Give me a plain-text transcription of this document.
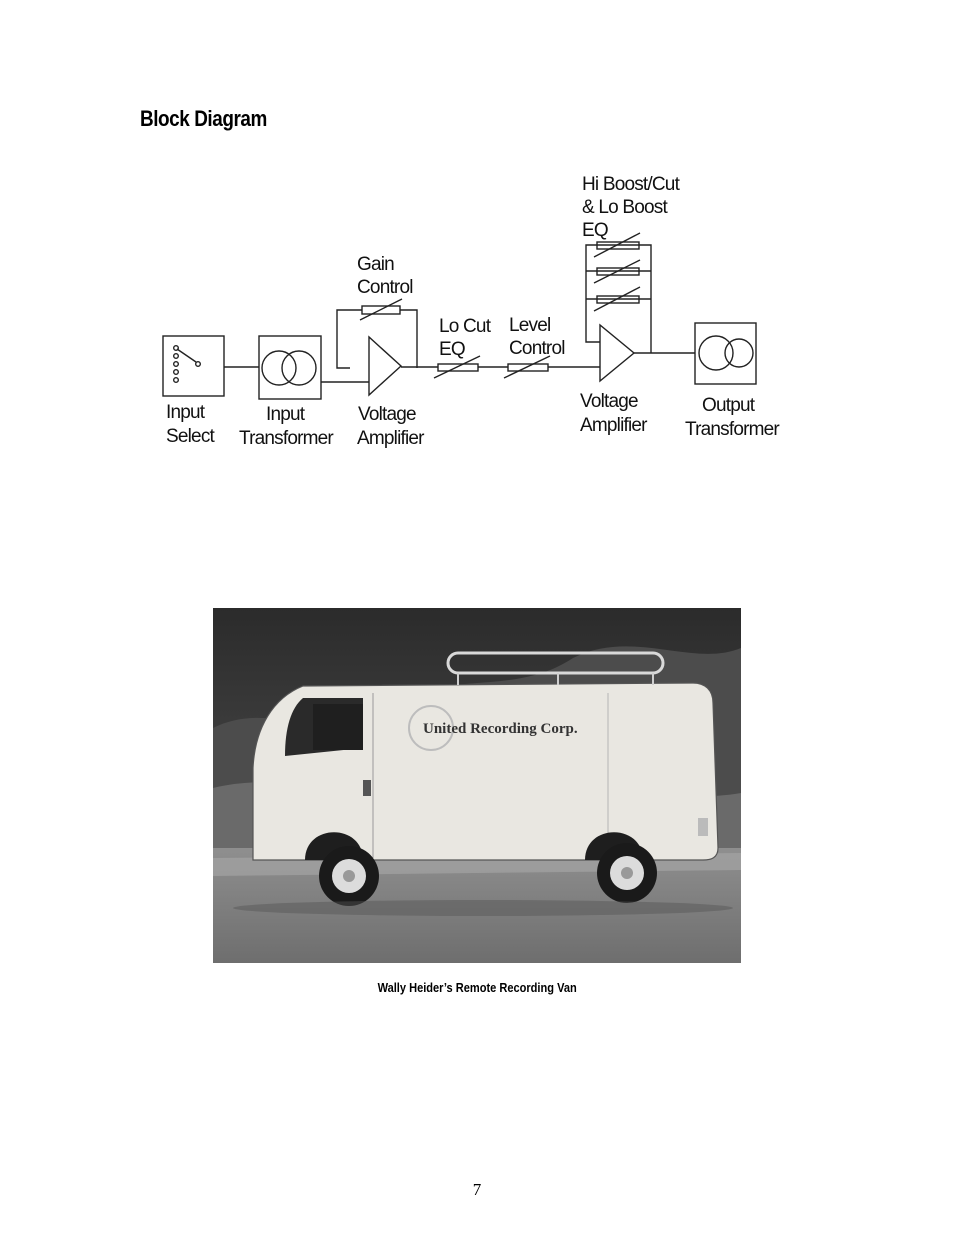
Block Diagram
Input Select
Input Transformer
Gain Control
Voltage Amplifier
Lo Cut EQ
Level Control
Hi Boost/Cut & Lo Boost EQ
Voltage Amplifier
Output Transformer
United Recording Corp.
Wally Heider’s Remote Recording Van
7
